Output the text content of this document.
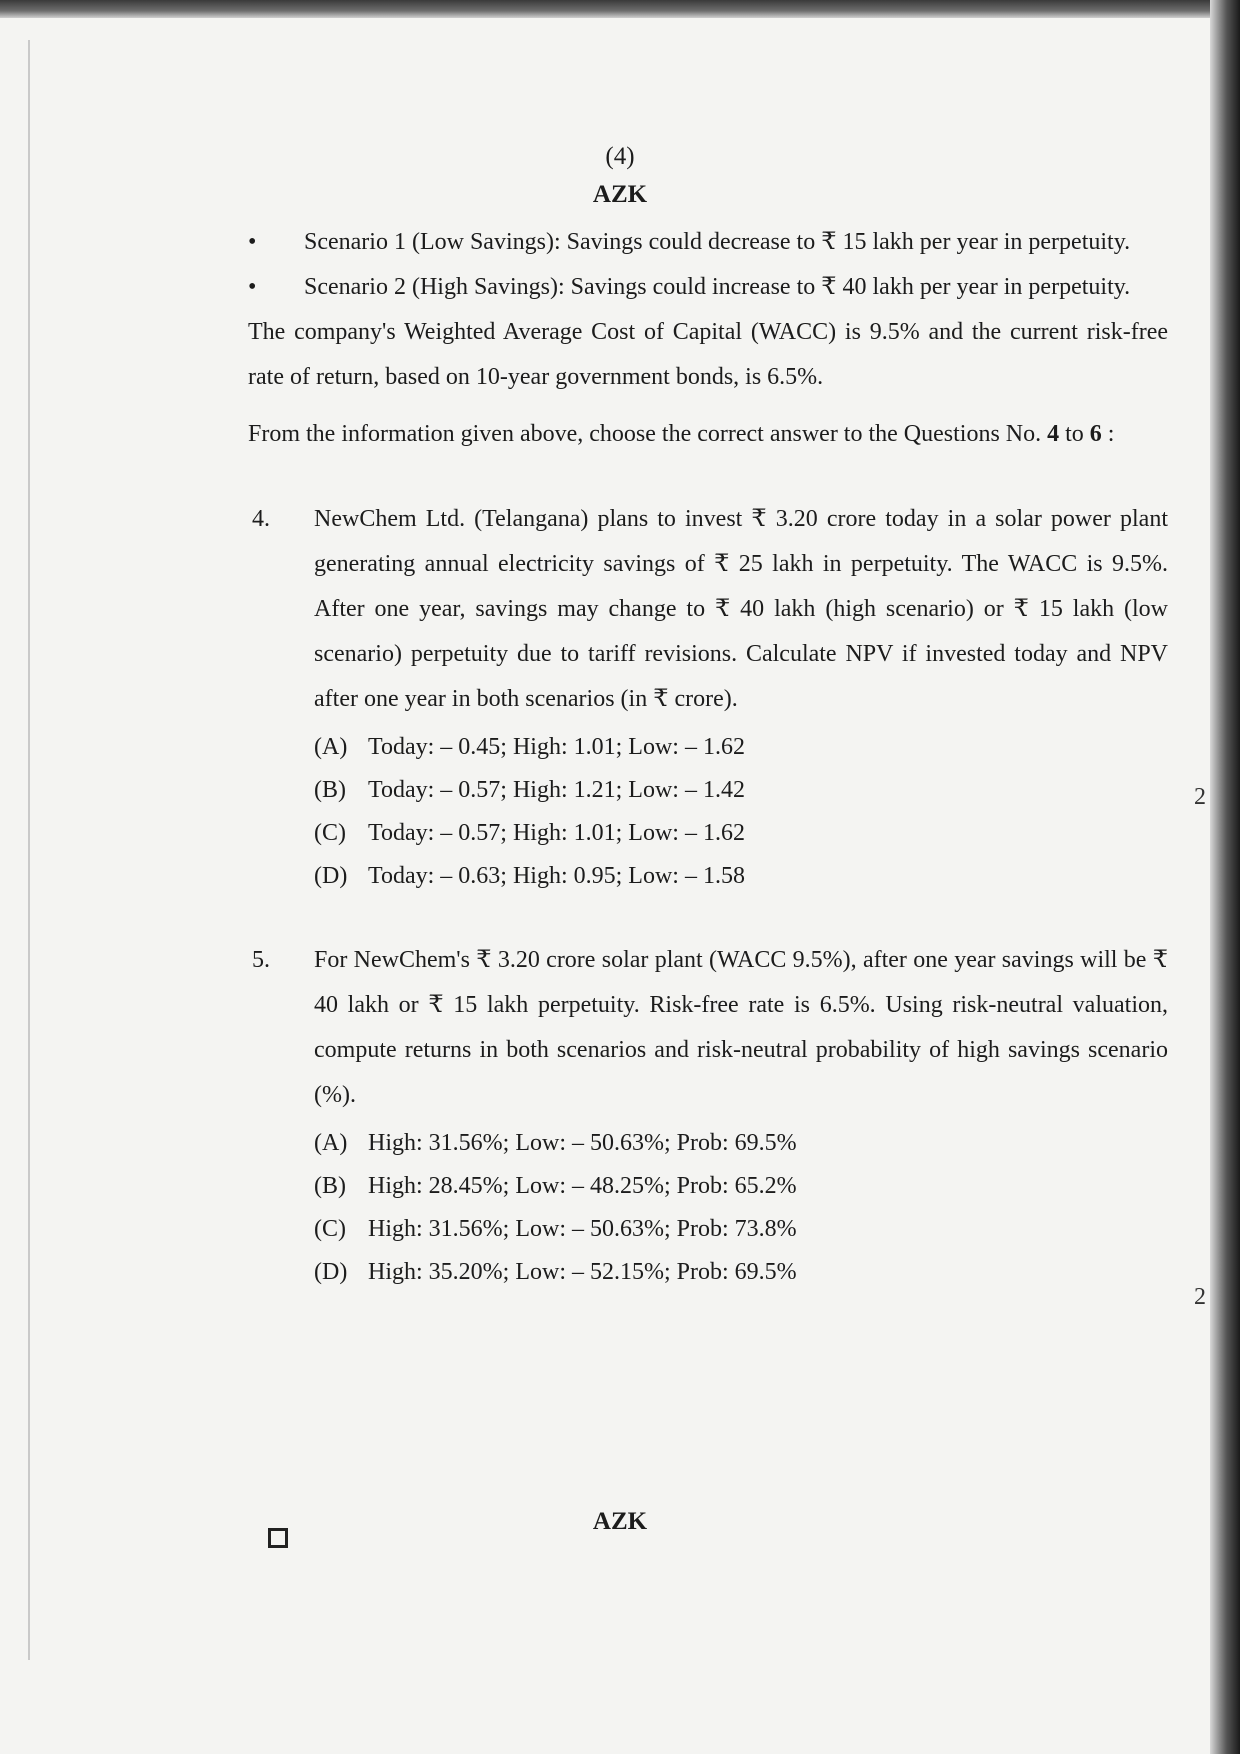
(4)
AZK
• Scenario 1 (Low Savings): Savings could decrease to ₹ 15 lakh per year in perpetuity.
• Scenario 2 (High Savings): Savings could increase to ₹ 40 lakh per year in perpetuity.

The company's Weighted Average Cost of Capital (WACC) is 9.5% and the current risk-free rate of return, based on 10-year government bonds, is 6.5%.

From the information given above, choose the correct answer to the Questions No. 4 to 6 :

4. NewChem Ltd. (Telangana) plans to invest ₹ 3.20 crore today in a solar power plant generating annual electricity savings of ₹ 25 lakh in perpetuity. The WACC is 9.5%. After one year, savings may change to ₹ 40 lakh (high scenario) or ₹ 15 lakh (low scenario) perpetuity due to tariff revisions. Calculate NPV if invested today and NPV after one year in both scenarios (in ₹ crore).
(A) Today: – 0.45; High: 1.01; Low: – 1.62
(B) Today: – 0.57; High: 1.21; Low: – 1.42
(C) Today: – 0.57; High: 1.01; Low: – 1.62
(D) Today: – 0.63; High: 0.95; Low: – 1.58
5. For NewChem's ₹ 3.20 crore solar plant (WACC 9.5%), after one year savings will be ₹ 40 lakh or ₹ 15 lakh perpetuity. Risk-free rate is 6.5%. Using risk-neutral valuation, compute returns in both scenarios and risk-neutral probability of high savings scenario (%).
(A) High: 31.56%; Low: – 50.63%; Prob: 69.5%
(B) High: 28.45%; Low: – 48.25%; Prob: 65.2%
(C) High: 31.56%; Low: – 50.63%; Prob: 73.8%
(D) High: 35.20%; Low: – 52.15%; Prob: 69.5%
2
2
AZK
